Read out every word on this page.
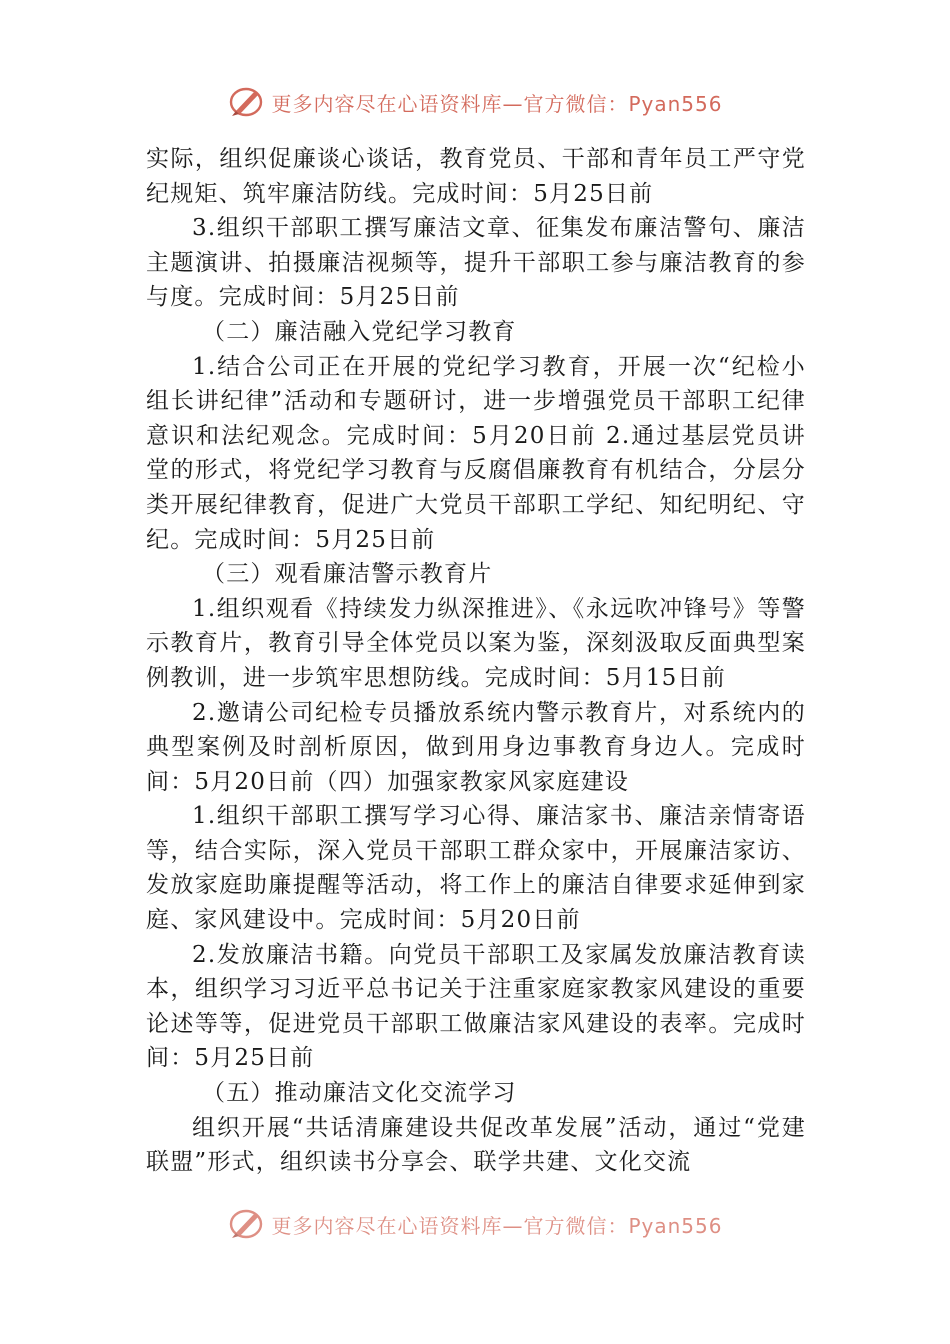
更多内容尽在心语资料库—官方微信：Pyan556

实际，组织促廉谈心谈话，教育党员、干部和青年员工严守党纪规矩、筑牢廉洁防线。完成时间：5月25日前

3.组织干部职工撰写廉洁文章、征集发布廉洁警句、廉洁主题演讲、拍摄廉洁视频等，提升干部职工参与廉洁教育的参与度。完成时间：5月25日前

（二）廉洁融入党纪学习教育

1.结合公司正在开展的党纪学习教育，开展一次“纪检小组长讲纪律”活动和专题研讨，进一步增强党员干部职工纪律意识和法纪观念。完成时间：5月20日前 2.通过基层党员讲堂的形式，将党纪学习教育与反腐倡廉教育有机结合，分层分类开展纪律教育，促进广大党员干部职工学纪、知纪明纪、守纪。完成时间：5月25日前

（三）观看廉洁警示教育片

1.组织观看《持续发力纵深推进》、《永远吹冲锋号》等警示教育片，教育引导全体党员以案为鉴，深刻汲取反面典型案例教训，进一步筑牢思想防线。完成时间：5月15日前

2.邀请公司纪检专员播放系统内警示教育片，对系统内的典型案例及时剖析原因，做到用身边事教育身边人。完成时间：5月20日前（四）加强家教家风家庭建设

1.组织干部职工撰写学习心得、廉洁家书、廉洁亲情寄语等，结合实际，深入党员干部职工群众家中，开展廉洁家访、发放家庭助廉提醒等活动，将工作上的廉洁自律要求延伸到家庭、家风建设中。完成时间：5月20日前

2.发放廉洁书籍。向党员干部职工及家属发放廉洁教育读本，组织学习习近平总书记关于注重家庭家教家风建设的重要论述等等，促进党员干部职工做廉洁家风建设的表率。完成时间：5月25日前

（五）推动廉洁文化交流学习

组织开展“共话清廉建设共促改革发展”活动，通过“党建联盟”形式，组织读书分享会、联学共建、文化交流

更多内容尽在心语资料库—官方微信：Pyan556
